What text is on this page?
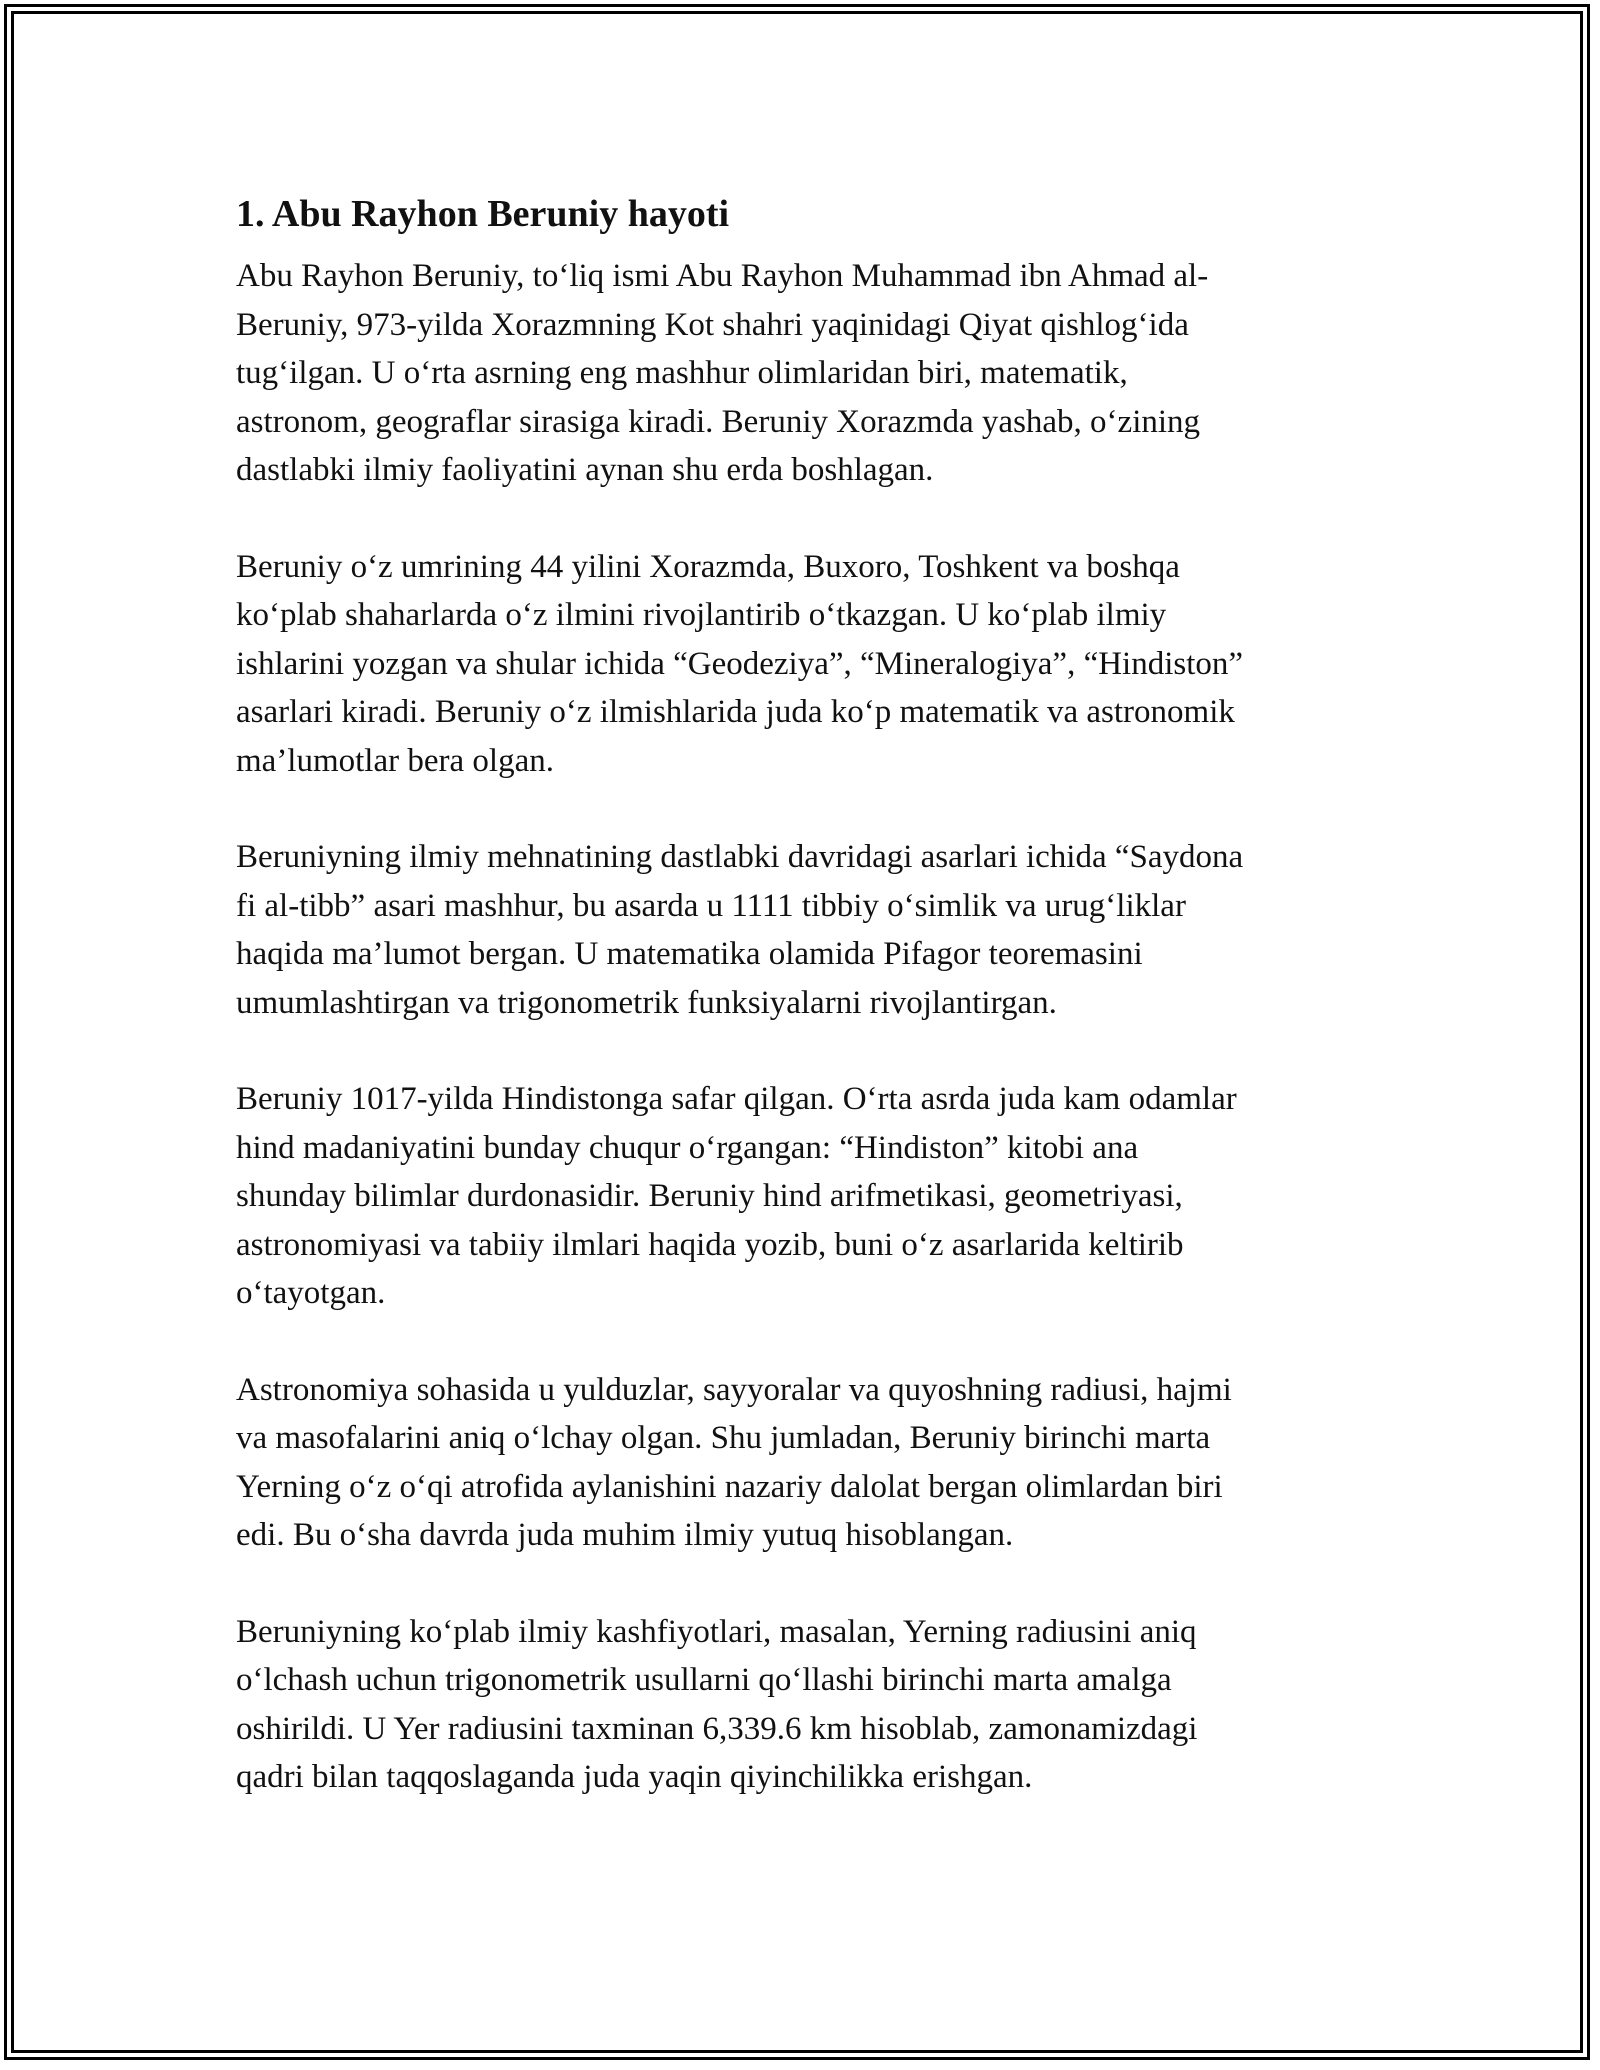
1. Abu Rayhon Beruniy hayoti
Abu Rayhon Beruniy, to‘liq ismi Abu Rayhon Muhammad ibn Ahmad al-
Beruniy, 973-yilda Xorazmning Kot shahri yaqinidagi Qiyat qishlog‘ida
tug‘ilgan. U o‘rta asrning eng mashhur olimlaridan biri, matematik,
astronom, geograflar sirasiga kiradi. Beruniy Xorazmda yashab, o‘zining
dastlabki ilmiy faoliyatini aynan shu erda boshlagan.
Beruniy o‘z umrining 44 yilini Xorazmda, Buxoro, Toshkent va boshqa
ko‘plab shaharlarda o‘z ilmini rivojlantirib o‘tkazgan. U ko‘plab ilmiy
ishlarini yozgan va shular ichida “Geodeziya”, “Mineralogiya”, “Hindiston”
asarlari kiradi. Beruniy o‘z ilmishlarida juda ko‘p matematik va astronomik
ma’lumotlar bera olgan.
Beruniyning ilmiy mehnatining dastlabki davridagi asarlari ichida “Saydona
fi al-tibb” asari mashhur, bu asarda u 1111 tibbiy o‘simlik va urug‘liklar
haqida ma’lumot bergan. U matematika olamida Pifagor teoremasini
umumlashtirgan va trigonometrik funksiyalarni rivojlantirgan.
Beruniy 1017-yilda Hindistonga safar qilgan. O‘rta asrda juda kam odamlar
hind madaniyatini bunday chuqur o‘rgangan: “Hindiston” kitobi ana
shunday bilimlar durdonasidir. Beruniy hind arifmetikasi, geometriyasi,
astronomiyasi va tabiiy ilmlari haqida yozib, buni o‘z asarlarida keltirib
o‘tayotgan.
Astronomiya sohasida u yulduzlar, sayyoralar va quyoshning radiusi, hajmi
va masofalarini aniq o‘lchay olgan. Shu jumladan, Beruniy birinchi marta
Yerning o‘z o‘qi atrofida aylanishini nazariy dalolat bergan olimlardan biri
edi. Bu o‘sha davrda juda muhim ilmiy yutuq hisoblangan.
Beruniyning ko‘plab ilmiy kashfiyotlari, masalan, Yerning radiusini aniq
o‘lchash uchun trigonometrik usullarni qo‘llashi birinchi marta amalga
oshirildi. U Yer radiusini taxminan 6,339.6 km hisoblab, zamonamizdagi
qadri bilan taqqoslaganda juda yaqin qiyinchilikka erishgan.
